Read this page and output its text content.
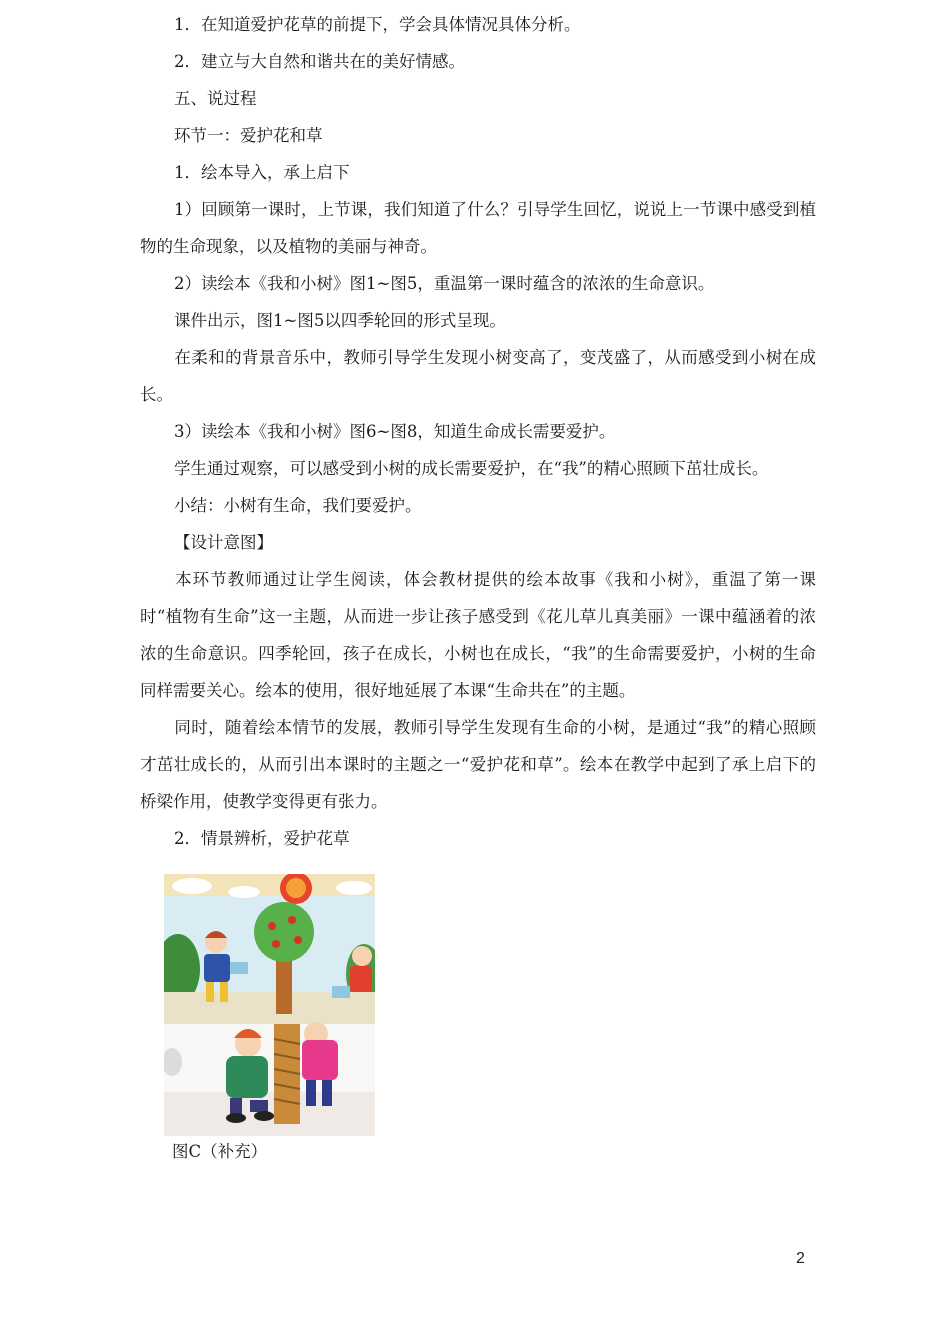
1．在知道爱护花草的前提下，学会具体情况具体分析。
2．建立与大自然和谐共在的美好情感。
五、说过程
环节一：爱护花和草
1．绘本导入，承上启下
1）回顾第一课时，上节课，我们知道了什么？引导学生回忆，说说上一节课中感受到植物的生命现象，以及植物的美丽与神奇。
2）读绘本《我和小树》图1~图5，重温第一课时蕴含的浓浓的生命意识。
课件出示，图1~图5以四季轮回的形式呈现。
在柔和的背景音乐中，教师引导学生发现小树变高了，变茂盛了，从而感受到小树在成长。
3）读绘本《我和小树》图6~图8，知道生命成长需要爱护。
学生通过观察，可以感受到小树的成长需要爱护，在“我”的精心照顾下茁壮成长。
小结：小树有生命，我们要爱护。
【设计意图】
本环节教师通过让学生阅读，体会教材提供的绘本故事《我和小树》，重温了第一课时“植物有生命”这一主题，从而进一步让孩子感受到《花儿草儿真美丽》一课中蕴涵着的浓浓的生命意识。四季轮回，孩子在成长，小树也在成长，“我”的生命需要爱护，小树的生命同样需要关心。绘本的使用，很好地延展了本课“生命共在”的主题。
同时，随着绘本情节的发展，教师引导学生发现有生命的小树，是通过“我”的精心照顾才茁壮成长的，从而引出本课时的主题之一“爱护花和草”。绘本在教学中起到了承上启下的桥梁作用，使教学变得更有张力。
2．情景辨析，爱护花草
图C（补充）
2
